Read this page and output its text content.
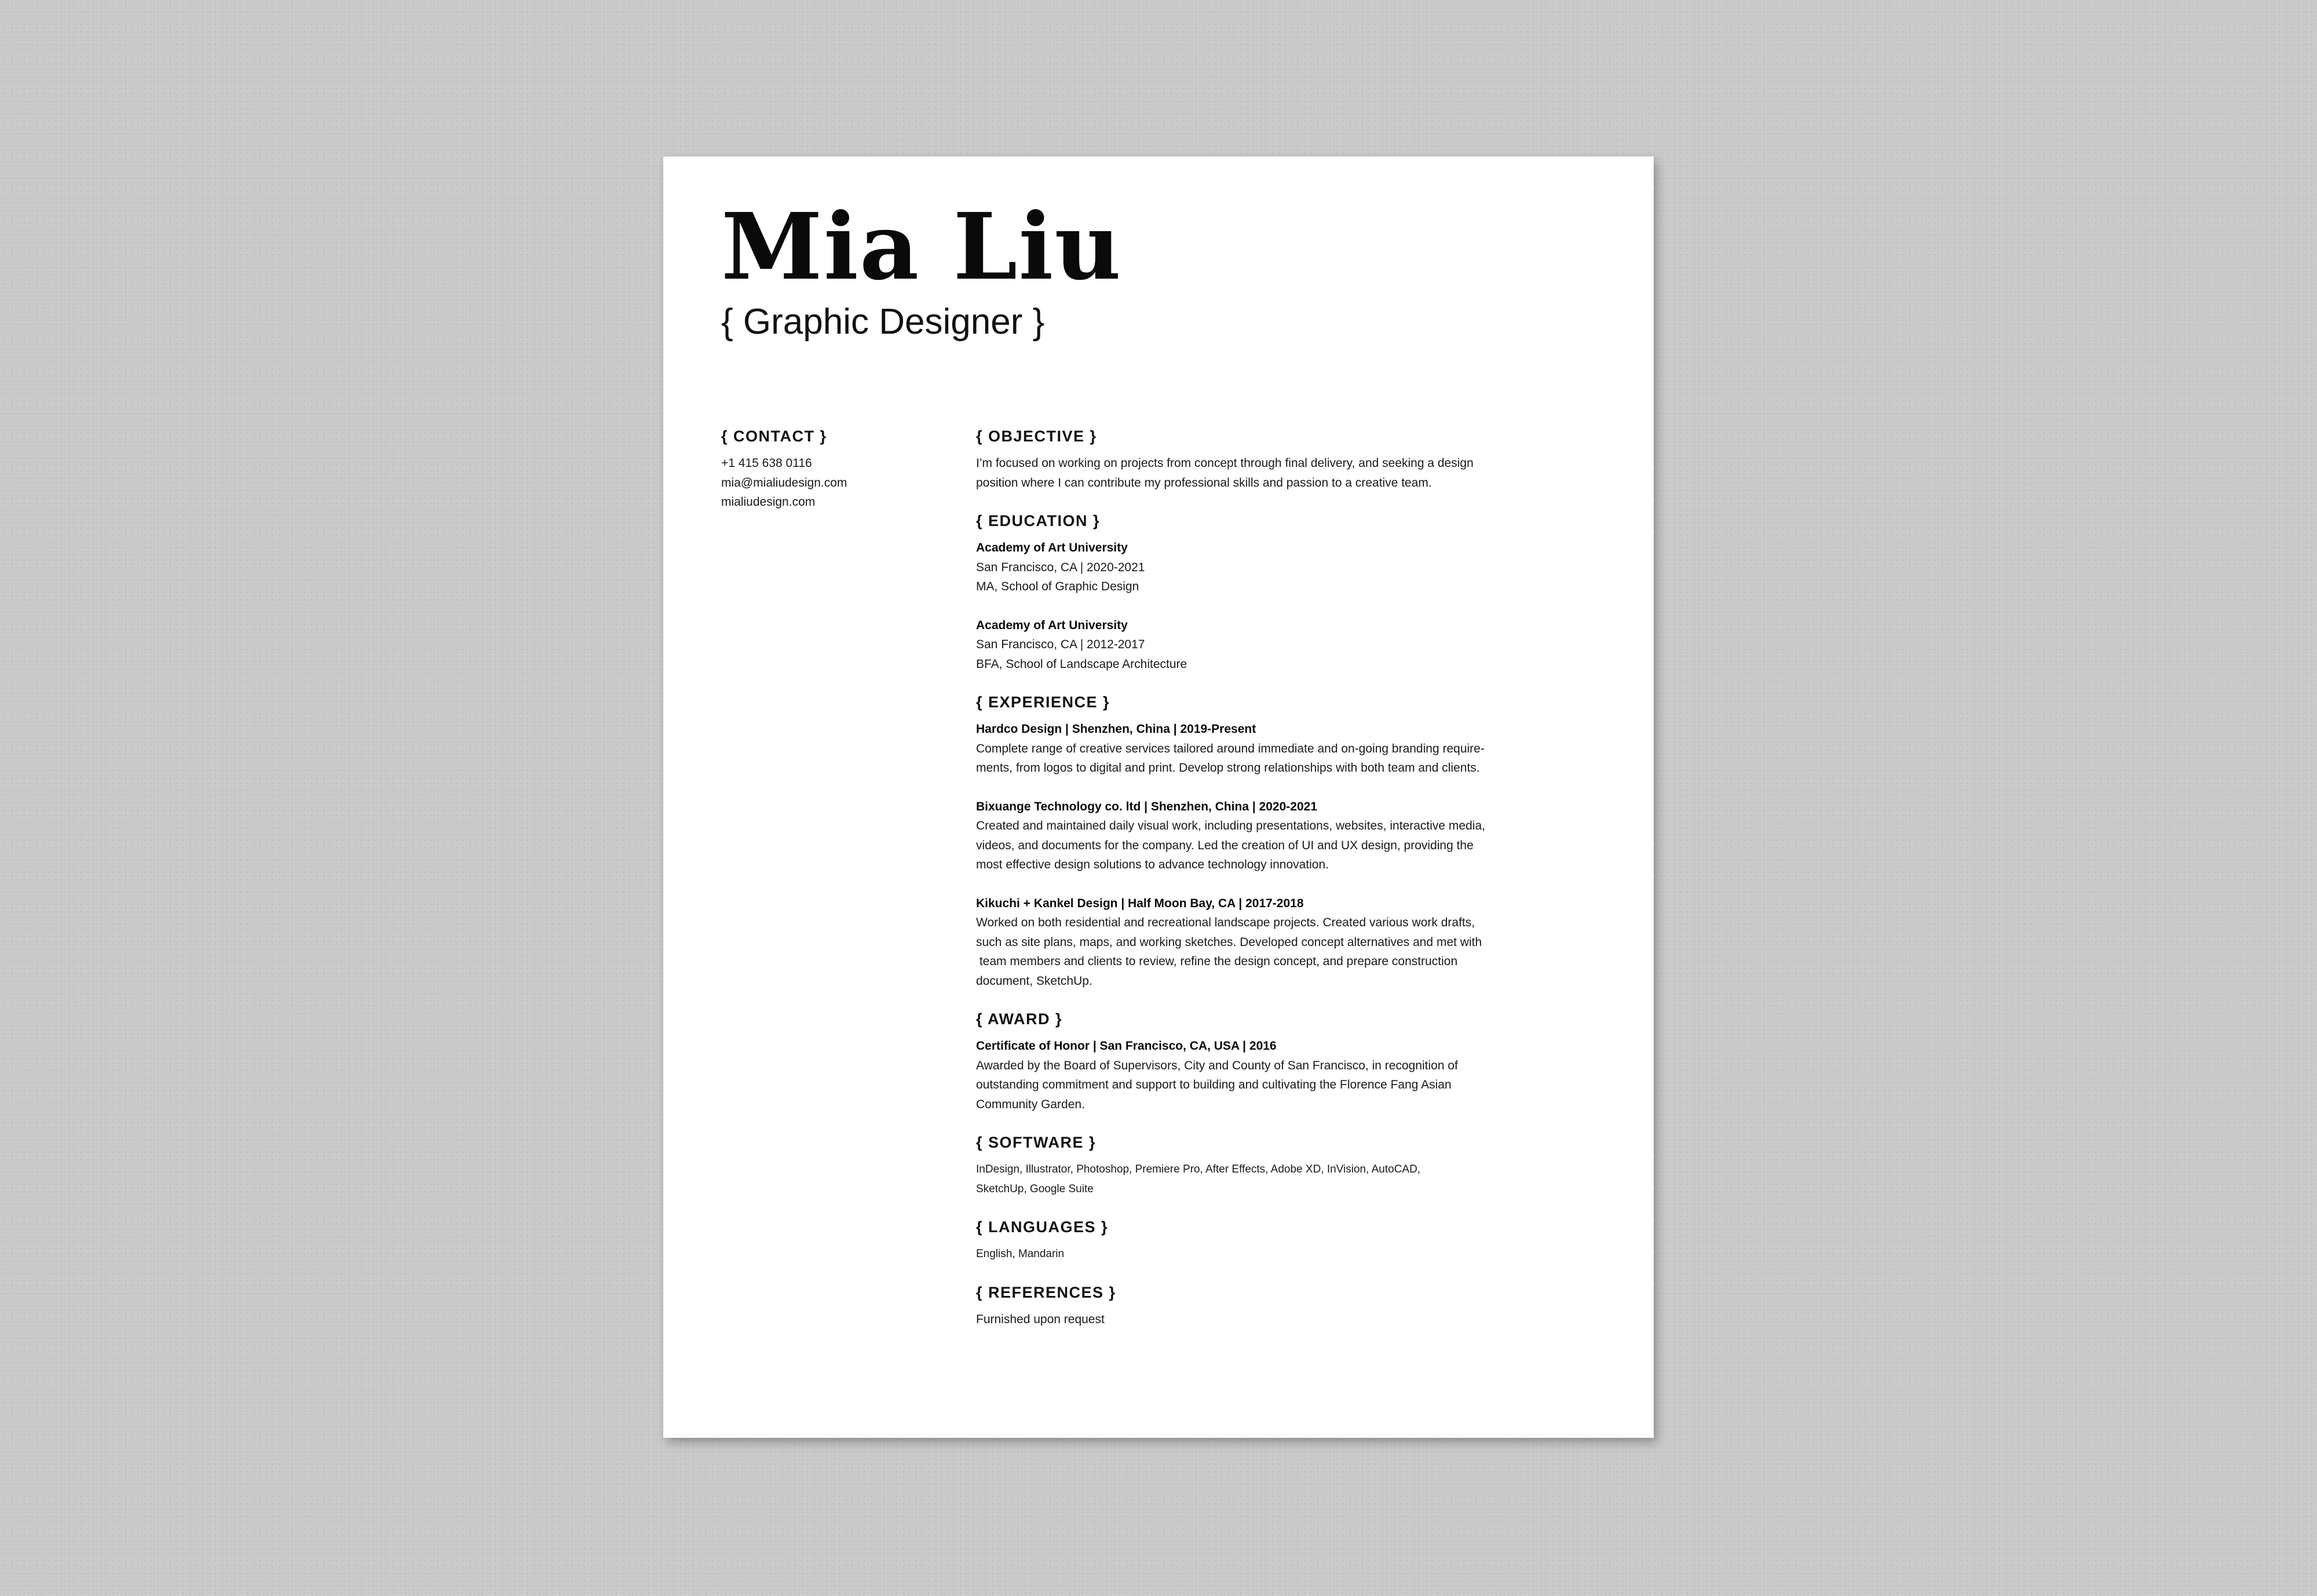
Mia Liu
{ Graphic Designer }
{ CONTACT }
+1 415 638 0116
mia@mialiudesign.com
mialiudesign.com
{ OBJECTIVE }
I’m focused on working on projects from concept through final delivery, and seeking a design
position where I can contribute my professional skills and passion to a creative team.
{ EDUCATION }
Academy of Art University
San Francisco, CA | 2020-2021
MA, School of Graphic Design
Academy of Art University
San Francisco, CA | 2012-2017
BFA, School of Landscape Architecture
{ EXPERIENCE }
Hardco Design | Shenzhen, China | 2019-Present
Complete range of creative services tailored around immediate and on-going branding require-
ments, from logos to digital and print. Develop strong relationships with both team and clients.
Bixuange Technology co. ltd | Shenzhen, China | 2020-2021
Created and maintained daily visual work, including presentations, websites, interactive media,
videos, and documents for the company. Led the creation of UI and UX design, providing the
most effective design solutions to advance technology innovation.
Kikuchi + Kankel Design | Half Moon Bay, CA | 2017-2018
Worked on both residential and recreational landscape projects. Created various work drafts,
such as site plans, maps, and working sketches. Developed concept alternatives and met with
team members and clients to review, refine the design concept, and prepare construction
document, SketchUp.
{ AWARD }
Certificate of Honor | San Francisco, CA, USA | 2016
Awarded by the Board of Supervisors, City and County of San Francisco, in recognition of
outstanding commitment and support to building and cultivating the Florence Fang Asian
Community Garden.
{ SOFTWARE }
InDesign, Illustrator, Photoshop, Premiere Pro, After Effects, Adobe XD, InVision, AutoCAD,
SketchUp, Google Suite
{ LANGUAGES }
English, Mandarin
{ REFERENCES }
Furnished upon request
